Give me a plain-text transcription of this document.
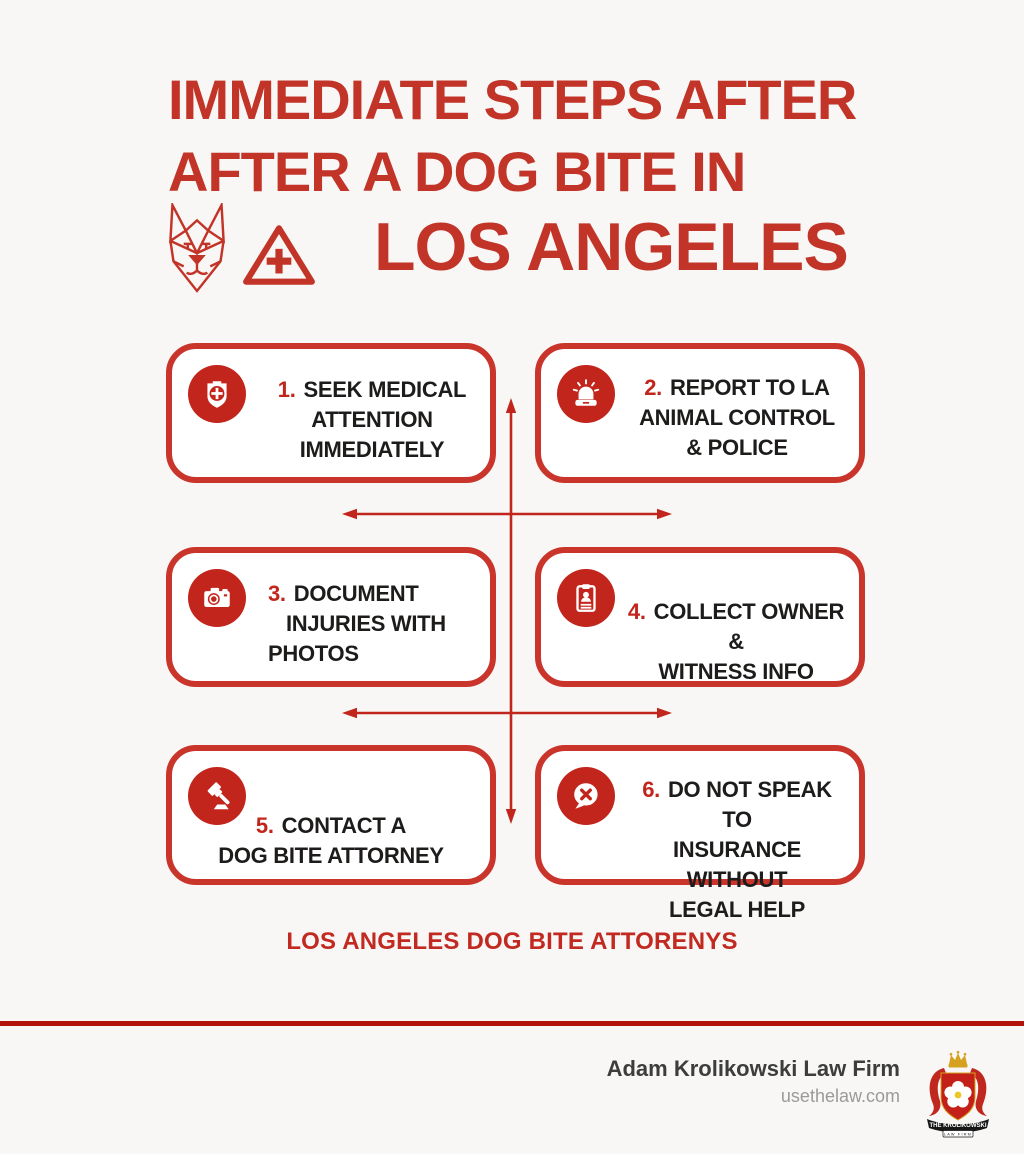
IMMEDIATE STEPS AFTER
AFTER A DOG BITE IN
LOS ANGELES
1. SEEK MEDICAL
ATTENTION
IMMEDIATELY
2. REPORT TO LA
ANIMAL CONTROL
& POLICE
3. DOCUMENT
INJURIES WITH
PHOTOS
4. COLLECT OWNER &
WITNESS INFO
5. CONTACT A
DOG BITE ATTORNEY
6. DO NOT SPEAK TO
INSURANCE WITHOUT
LEGAL HELP
LOS ANGELES DOG BITE ATTORENYS
Adam Krolikowski Law Firm
usethelaw.com
THE KROLIKOWSKI
LAW FIRM
